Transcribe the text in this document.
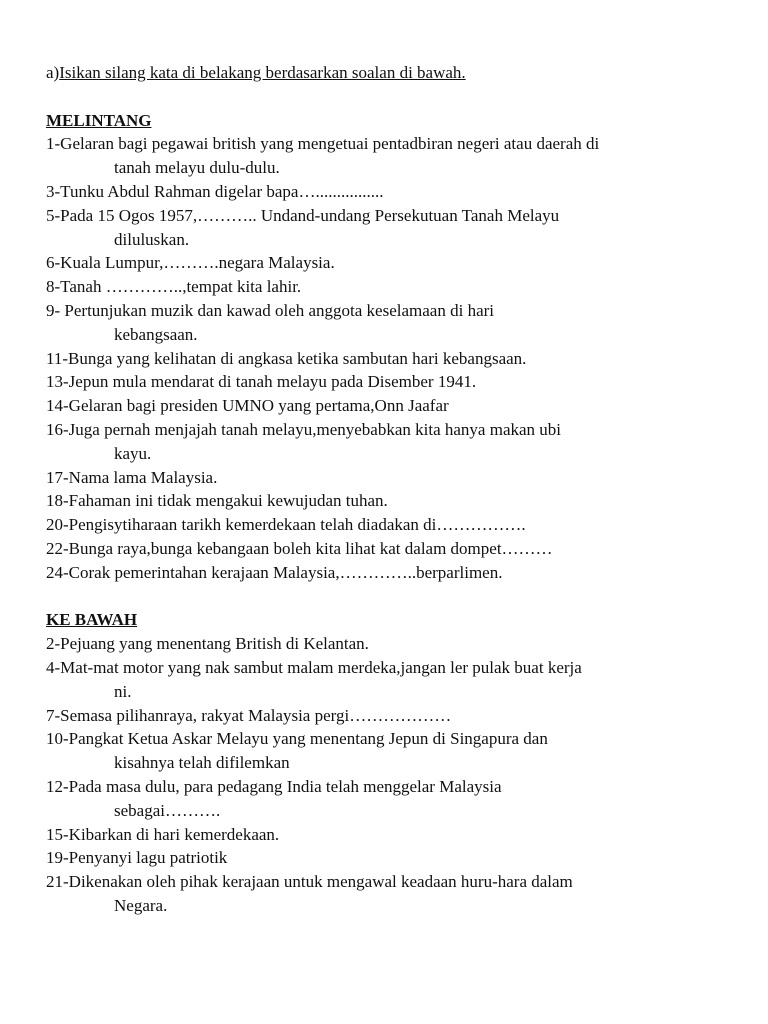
a)Isikan silang kata di belakang berdasarkan soalan di bawah.

MELINTANG

1-Gelaran bagi pegawai british yang mengetuai pentadbiran negeri atau daerah di
tanah melayu dulu-dulu.

3-Tunku Abdul Rahman digelar bapa…................

5-Pada 15 Ogos 1957,……….. Undand-undang Persekutuan Tanah Melayu
diluluskan.

6-Kuala Lumpur,……….negara Malaysia.

8-Tanah …………..,tempat kita lahir.

9- Pertunjukan muzik dan kawad oleh anggota keselamaan di hari
kebangsaan.

11-Bunga yang kelihatan di angkasa ketika sambutan hari kebangsaan.

13-Jepun mula mendarat di tanah melayu pada Disember 1941.

14-Gelaran bagi presiden UMNO yang pertama,Onn Jaafar

16-Juga pernah menjajah tanah melayu,menyebabkan kita hanya makan ubi
kayu.

17-Nama lama Malaysia.

18-Fahaman ini tidak mengakui kewujudan tuhan.

20-Pengisytiharaan tarikh kemerdekaan telah diadakan di…………….

22-Bunga raya,bunga kebangaan boleh kita lihat kat dalam dompet………

24-Corak pemerintahan kerajaan Malaysia,…………..berparlimen.

KE BAWAH

2-Pejuang yang menentang British di Kelantan.

4-Mat-mat motor yang nak sambut malam merdeka,jangan ler pulak buat kerja
ni.

7-Semasa pilihanraya, rakyat Malaysia pergi………………

10-Pangkat Ketua Askar Melayu yang menentang Jepun di Singapura dan
kisahnya telah difilemkan

12-Pada masa dulu, para pedagang India telah menggelar Malaysia
sebagai……….

15-Kibarkan di hari kemerdekaan.

19-Penyanyi lagu patriotik

21-Dikenakan oleh pihak kerajaan untuk mengawal keadaan huru-hara dalam
Negara.
